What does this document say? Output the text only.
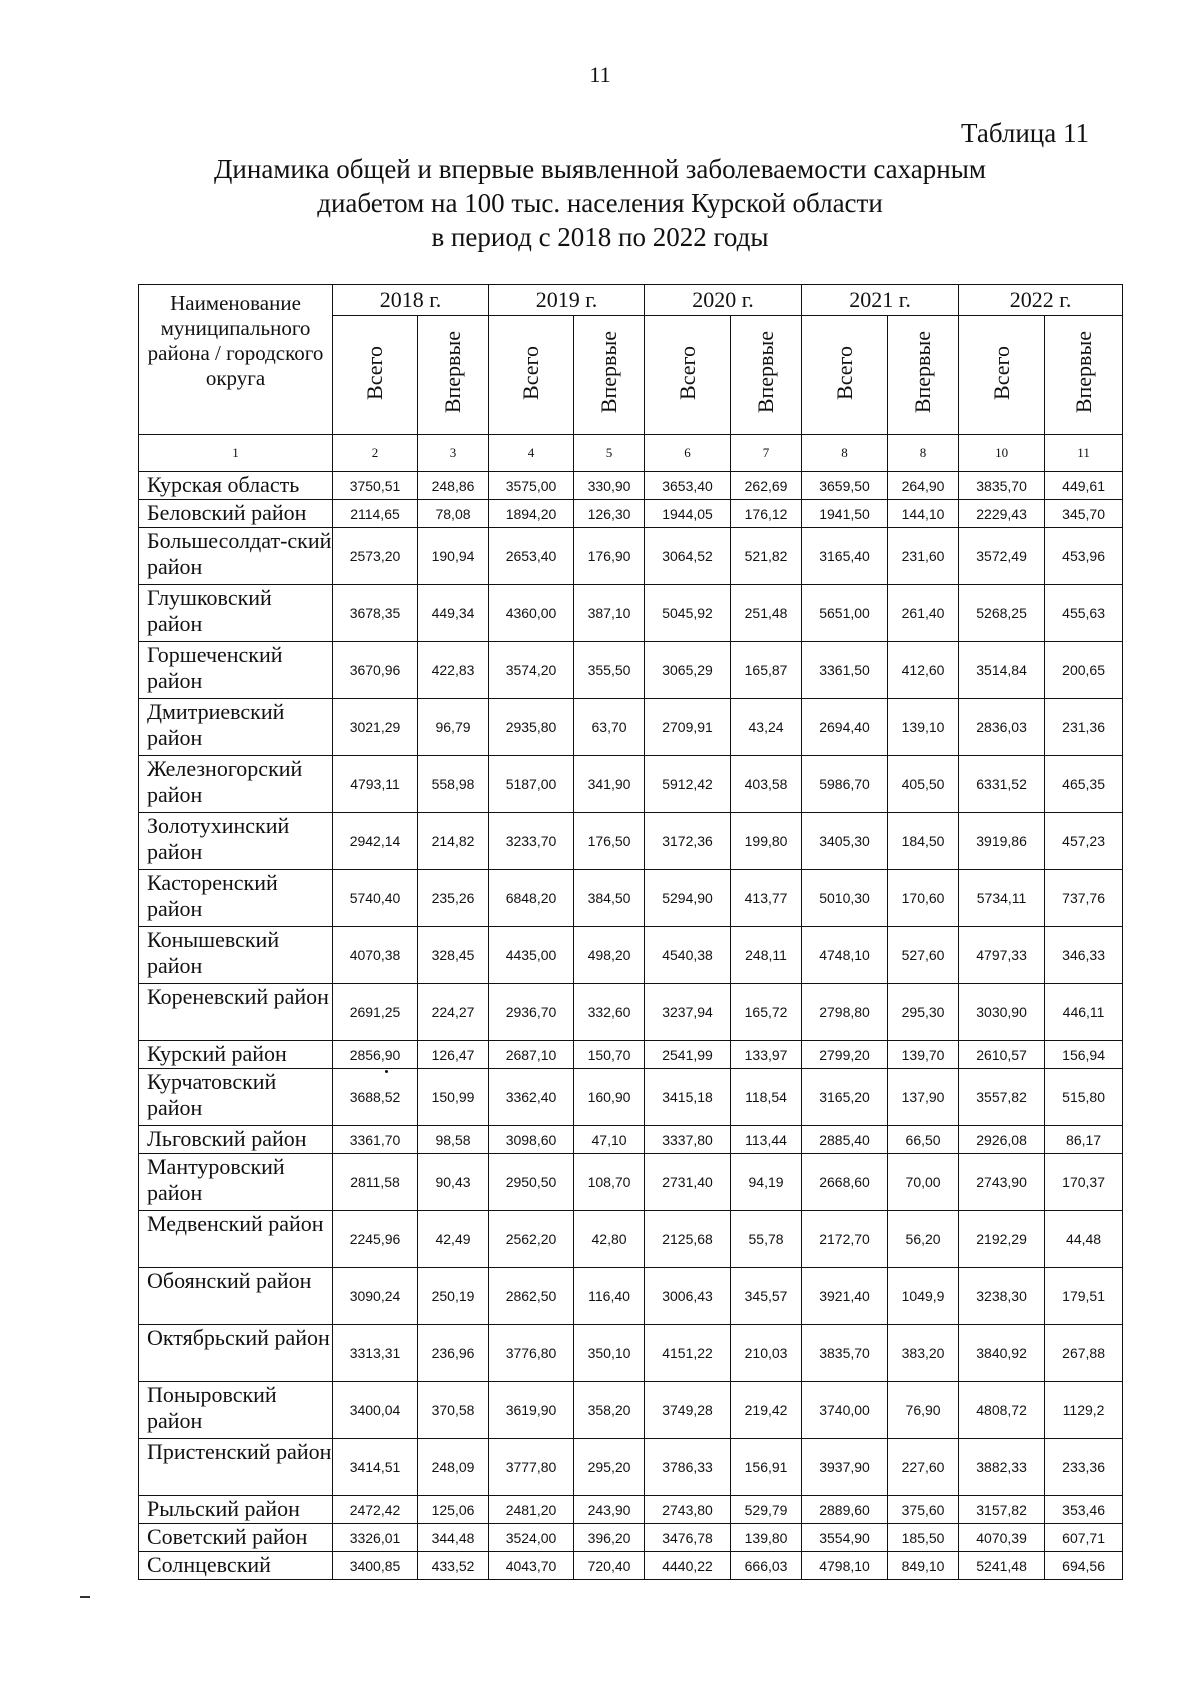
11
Таблица 11
Динамика общей и впервые выявленной заболеваемости сахарным
диабетом на 100 тыс. населения Курской области
в период с 2018 по 2022 годы
Наименование муниципального района / городского округа	2018 г.		2019 г.		2020 г.		2021 г.		2022 г.	
	Всего	Впервые	Всего	Впервые	Всего	Впервые	Всего	Впервые	Всего	Впервые
1	2	3	4	5	6	7	8	8	10	11
Курская область	3750,51	248,86	3575,00	330,90	3653,40	262,69	3659,50	264,90	3835,70	449,61
Беловский район	2114,65	78,08	1894,20	126,30	1944,05	176,12	1941,50	144,10	2229,43	345,70
Большесолдат-ский район	2573,20	190,94	2653,40	176,90	3064,52	521,82	3165,40	231,60	3572,49	453,96
Глушковский район	3678,35	449,34	4360,00	387,10	5045,92	251,48	5651,00	261,40	5268,25	455,63
Горшеченский район	3670,96	422,83	3574,20	355,50	3065,29	165,87	3361,50	412,60	3514,84	200,65
Дмитриевский район	3021,29	96,79	2935,80	63,70	2709,91	43,24	2694,40	139,10	2836,03	231,36
Железногорский район	4793,11	558,98	5187,00	341,90	5912,42	403,58	5986,70	405,50	6331,52	465,35
Золотухинский район	2942,14	214,82	3233,70	176,50	3172,36	199,80	3405,30	184,50	3919,86	457,23
Касторенский район	5740,40	235,26	6848,20	384,50	5294,90	413,77	5010,30	170,60	5734,11	737,76
Конышевский район	4070,38	328,45	4435,00	498,20	4540,38	248,11	4748,10	527,60	4797,33	346,33
Кореневский район	2691,25	224,27	2936,70	332,60	3237,94	165,72	2798,80	295,30	3030,90	446,11
Курский район	2856,90	126,47	2687,10	150,70	2541,99	133,97	2799,20	139,70	2610,57	156,94
Курчатовский район	3688,52	150,99	3362,40	160,90	3415,18	118,54	3165,20	137,90	3557,82	515,80
Льговский район	3361,70	98,58	3098,60	47,10	3337,80	113,44	2885,40	66,50	2926,08	86,17
Мантуровский район	2811,58	90,43	2950,50	108,70	2731,40	94,19	2668,60	70,00	2743,90	170,37
Медвенский район	2245,96	42,49	2562,20	42,80	2125,68	55,78	2172,70	56,20	2192,29	44,48
Обоянский район	3090,24	250,19	2862,50	116,40	3006,43	345,57	3921,40	1049,9	3238,30	179,51
Октябрьский район	3313,31	236,96	3776,80	350,10	4151,22	210,03	3835,70	383,20	3840,92	267,88
Поныровский район	3400,04	370,58	3619,90	358,20	3749,28	219,42	3740,00	76,90	4808,72	1129,2
Пристенский район	3414,51	248,09	3777,80	295,20	3786,33	156,91	3937,90	227,60	3882,33	233,36
Рыльский район	2472,42	125,06	2481,20	243,90	2743,80	529,79	2889,60	375,60	3157,82	353,46
Советский район	3326,01	344,48	3524,00	396,20	3476,78	139,80	3554,90	185,50	4070,39	607,71
Солнцевский	3400,85	433,52	4043,70	720,40	4440,22	666,03	4798,10	849,10	5241,48	694,56
